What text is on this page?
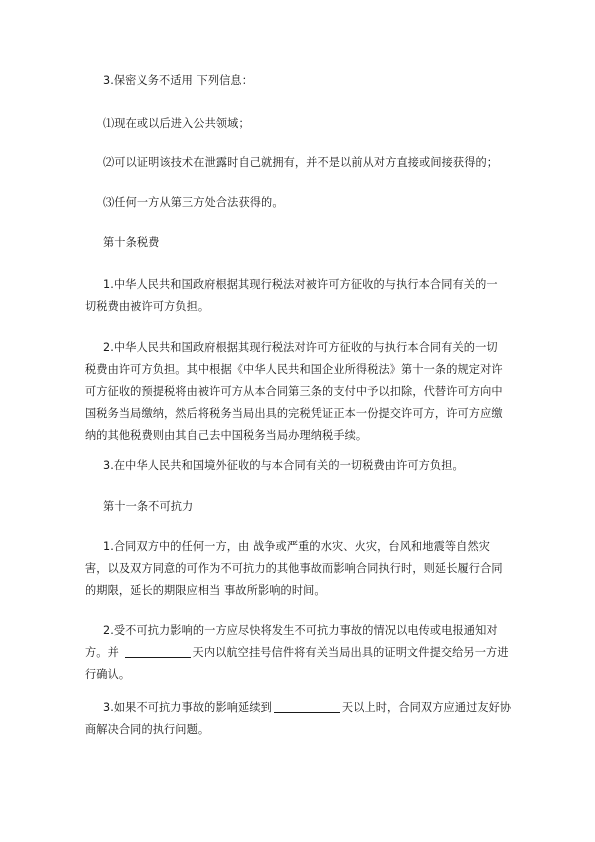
3.保密义务不适用 下列信息：

⑴现在或以后进入公共领域；

⑵可以证明该技术在泄露时自己就拥有，并不是以前从对方直接或间接获得的；

⑶任何一方从第三方处合法获得的。

第十条税费

1.中华人民共和国政府根据其现行税法对被许可方征收的与执行本合同有关的一
切税费由被许可方负担。

2.中华人民共和国政府根据其现行税法对许可方征收的与执行本合同有关的一切
税费由许可方负担。其中根据《中华人民共和国企业所得税法》第十一条的规定对许
可方征收的预提税将由被许可方从本合同第三条的支付中予以扣除，代替许可方向中
国税务当局缴纳，然后将税务当局出具的完税凭证正本一份提交许可方，许可方应缴
纳的其他税费则由其自己去中国税务当局办理纳税手续。

3.在中华人民共和国境外征收的与本合同有关的一切税费由许可方负担。

第十一条不可抗力

1.合同双方中的任何一方，由 战争或严重的水灾、火灾，台风和地震等自然灾
害，以及双方同意的可作为不可抗力的其他事故而影响合同执行时，则延长履行合同
的期限，延长的期限应相当 事故所影响的时间。

2.受不可抗力影响的一方应尽快将发生不可抗力事故的情况以电传或电报通知对
方。并	天内以航空挂号信件将有关当局出具的证明文件提交给另一方进
行确认。

3.如果不可抗力事故的影响延续到	天以上时，合同双方应通过友好协
商解决合同的执行问题。
